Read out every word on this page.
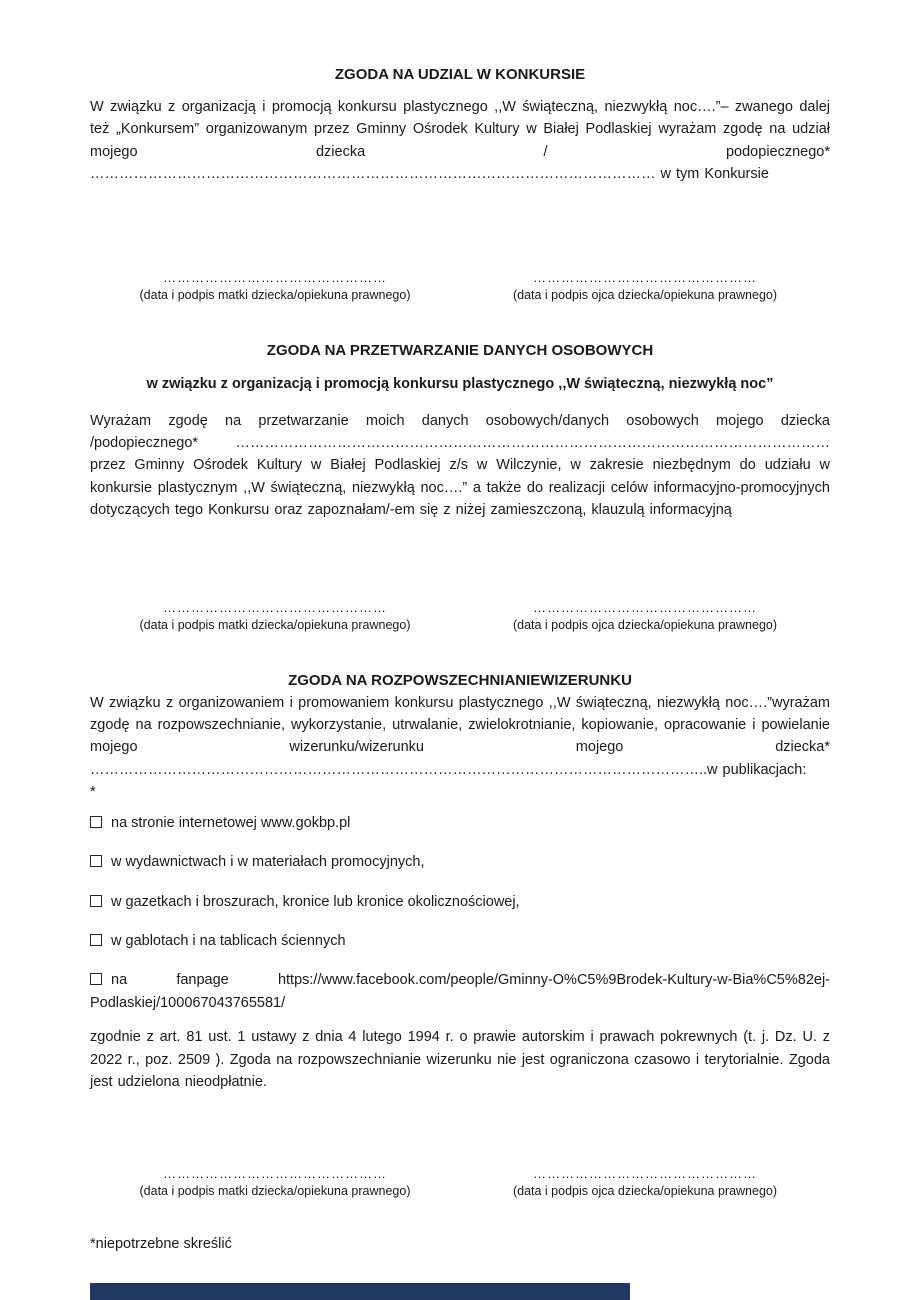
ZGODA NA UDZIAL W KONKURSIE
W związku z organizacją i promocją konkursu plastycznego ,,W świąteczną, niezwykłą noc….”– zwanego dalej też „Konkursem” organizowanym przez Gminny Ośrodek Kultury w Białej Podlaskiej wyrażam zgodę na udział mojego dziecka / podopiecznego* ……………………………………………………………………………………………………… w tym Konkursie
…………………………………………
(data i podpis matki dziecka/opiekuna prawnego)
…………………………………………
(data i podpis ojca dziecka/opiekuna prawnego)
ZGODA NA PRZETWARZANIE DANYCH OSOBOWYCH
w związku z organizacją i promocją konkursu plastycznego ,,W świąteczną, niezwykłą noc”
Wyrażam zgodę na przetwarzanie moich danych osobowych/danych osobowych mojego dziecka /podopiecznego* …………………………………………………………………………………………………………… przez Gminny Ośrodek Kultury w Białej Podlaskiej z/s w Wilczynie, w zakresie niezbędnym do udziału w konkursie plastycznym ,,W świąteczną, niezwykłą noc….” a także do realizacji celów informacyjno-promocyjnych dotyczących tego Konkursu oraz zapoznałam/-em się z niżej zamieszczoną, klauzulą informacyjną
…………………………………………
(data i podpis matki dziecka/opiekuna prawnego)
…………………………………………
(data i podpis ojca dziecka/opiekuna prawnego)
ZGODA NA ROZPOWSZECHNIANIEWIZERUNKU
W związku z organizowaniem i promowaniem konkursu plastycznego ,,W świąteczną, niezwykłą noc….”wyrażam zgodę na rozpowszechnianie, wykorzystanie, utrwalanie, zwielokrotnianie, kopiowanie, opracowanie i powielanie mojego wizerunku/wizerunku mojego dziecka* ………………………………………………………………………………………………………………..w publikacjach:
*
na stronie internetowej www.gokbp.pl
w wydawnictwach i w materiałach promocyjnych,
w gazetkach i broszurach, kronice lub kronice okolicznościowej,
w gablotach i na tablicach ściennych
na fanpage https://www.facebook.com/people/Gminny-O%C5%9Brodek-Kultury-w-Bia%C5%82ej-Podlaskiej/100067043765581/
zgodnie z art. 81 ust. 1 ustawy z dnia 4 lutego 1994 r. o prawie autorskim i prawach pokrewnych (t. j. Dz. U. z 2022 r., poz. 2509 ). Zgoda na rozpowszechnianie wizerunku nie jest ograniczona czasowo i terytorialnie. Zgoda jest udzielona nieodpłatnie.
…………………………………………
(data i podpis matki dziecka/opiekuna prawnego)
…………………………………………
(data i podpis ojca dziecka/opiekuna prawnego)
*niepotrzebne skreślić
